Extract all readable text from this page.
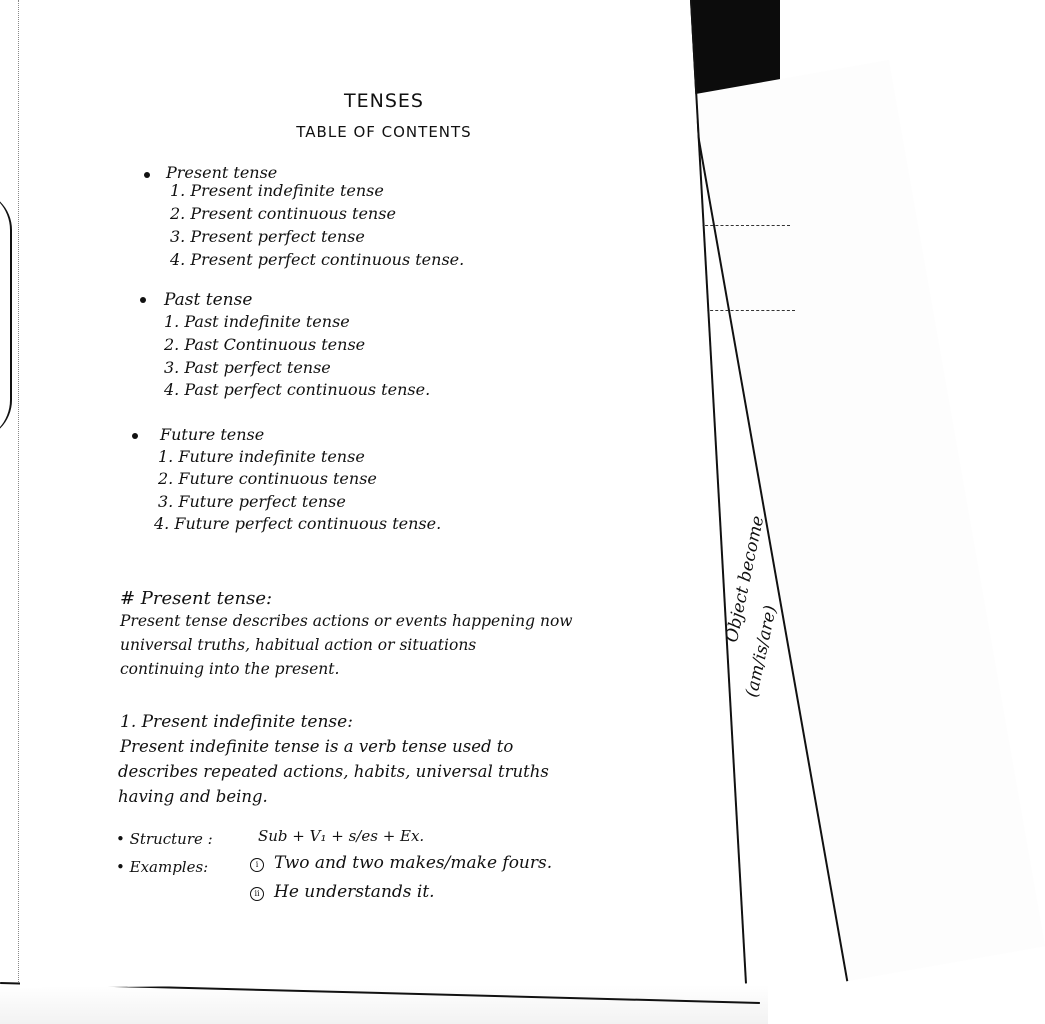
Object become
(am/is/are)
TENSES
TABLE OF CONTENTS
Present tense
1. Present indefinite tense
2. Present continuous tense
3. Present perfect tense
4. Present perfect continuous tense.
Past tense
1. Past indefinite tense
2. Past Continuous tense
3. Past perfect tense
4. Past perfect continuous tense.
Future tense
1. Future indefinite tense
2. Future continuous tense
3. Future perfect tense
4. Future perfect continuous tense.
# Present tense:
Present tense describes actions or events happening now
universal truths, habitual action or situations
continuing into the present.
1. Present indefinite tense:
Present indefinite tense is a verb tense used to
describes repeated actions, habits, universal truths
having and being.
• Structure :	Sub + V₁ + s/es + Ex.
• Examples:	i Two and two makes/make fours.
ii He understands it.
